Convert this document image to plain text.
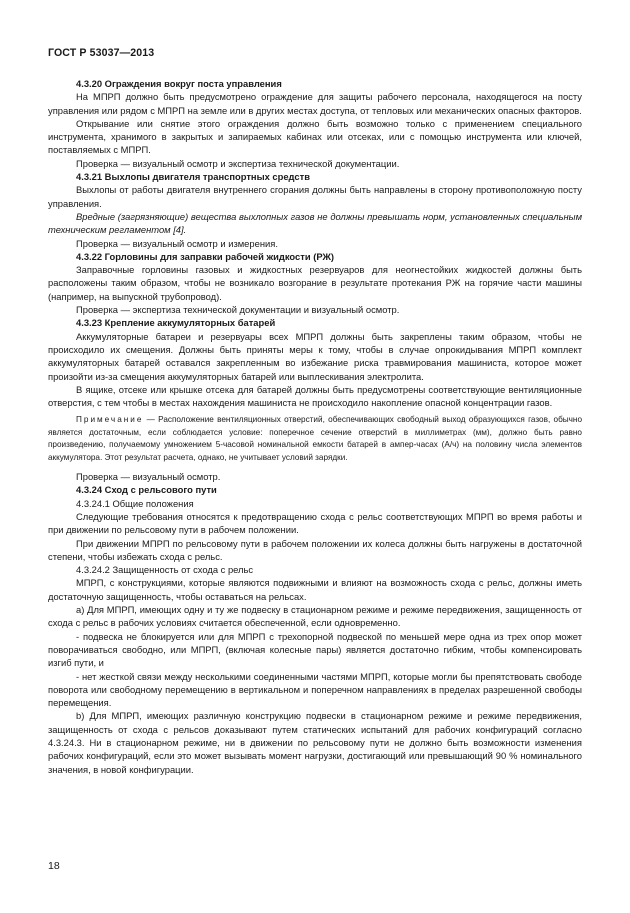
ГОСТ Р 53037—2013

4.3.20 Ограждения вокруг поста управления

На МПРП должно быть предусмотрено ограждение для защиты рабочего персонала, находящегося на посту управления или рядом с МПРП на земле или в других местах доступа, от тепловых или механических опасных факторов.

Открывание или снятие этого ограждения должно быть возможно только с применением специального инструмента, хранимого в закрытых и запираемых кабинах или отсеках, или с помощью инструмента или ключей, поставляемых с МПРП.

Проверка — визуальный осмотр и экспертиза технической документации.

4.3.21 Выхлопы двигателя транспортных средств

Выхлопы от работы двигателя внутреннего сгорания должны быть направлены в сторону противоположную посту управления.

Вредные (загрязняющие) вещества выхлопных газов не должны превышать норм, установленных специальным техническим регламентом [4].

Проверка — визуальный осмотр и измерения.

4.3.22 Горловины для заправки рабочей жидкости (РЖ)

Заправочные горловины газовых и жидкостных резервуаров для неогнестойких жидкостей должны быть расположены таким образом, чтобы не возникало возгорание в результате протекания РЖ на горячие части машины (например, на выпускной трубопровод).

Проверка — экспертиза технической документации и визуальный осмотр.

4.3.23 Крепление аккумуляторных батарей

Аккумуляторные батареи и резервуары всех МПРП должны быть закреплены таким образом, чтобы не происходило их смещения. Должны быть приняты меры к тому, чтобы в случае опрокидывания МПРП комплект аккумуляторных батарей оставался закрепленным во избежание риска травмирования машиниста, которое может произойти из-за смещения аккумуляторных батарей или выплескивания электролита.

В ящике, отсеке или крышке отсека для батарей должны быть предусмотрены соответствующие вентиляционные отверстия, с тем чтобы в местах нахождения машиниста не происходило накопление опасной концентрации газов.

Примечание — Расположение вентиляционных отверстий, обеспечивающих свободный выход образующихся газов, обычно является достаточным, если соблюдается условие: поперечное сечение отверстий в миллиметрах (мм), должно быть равно произведению, получаемому умножением 5-часовой номинальной емкости батарей в ампер-часах (А/ч) на половину числа элементов аккумулятора. Этот результат расчета, однако, не учитывает условий зарядки.

Проверка — визуальный осмотр.

4.3.24 Сход с рельсового пути

4.3.24.1 Общие положения

Следующие требования относятся к предотвращению схода с рельс соответствующих МПРП во время работы и при движении по рельсовому пути в рабочем положении.

При движении МПРП по рельсовому пути в рабочем положении их колеса должны быть нагружены в достаточной степени, чтобы избежать схода с рельс.

4.3.24.2 Защищенность от схода с рельс

МПРП, с конструкциями, которые являются подвижными и влияют на возможность схода с рельс, должны иметь достаточную защищенность, чтобы оставаться на рельсах.

а) Для МПРП, имеющих одну и ту же подвеску в стационарном режиме и режиме передвижения, защищенность от схода с рельс в рабочих условиях считается обеспеченной, если одновременно.

- подвеска не блокируется или для МПРП с трехопорной подвеской по меньшей мере одна из трех опор может поворачиваться свободно, или МПРП, (включая колесные пары) является достаточно гибким, чтобы компенсировать изгиб пути, и

- нет жесткой связи между несколькими соединенными частями МПРП, которые могли бы препятствовать свободе поворота или свободному перемещению в вертикальном и поперечном направлениях в пределах разрешенной свободы перемещения.

b) Для МПРП, имеющих различную конструкцию подвески в стационарном режиме и режиме передвижения, защищенность от схода с рельсов доказывают путем статических испытаний для рабочих конфигураций согласно 4.3.24.3. Ни в стационарном режиме, ни в движении по рельсовому пути не должно быть возможности изменения рабочих конфигураций, если это может вызывать момент нагрузки, достигающий или превышающий 90 % номинального значения, в новой конфигурации.

18
